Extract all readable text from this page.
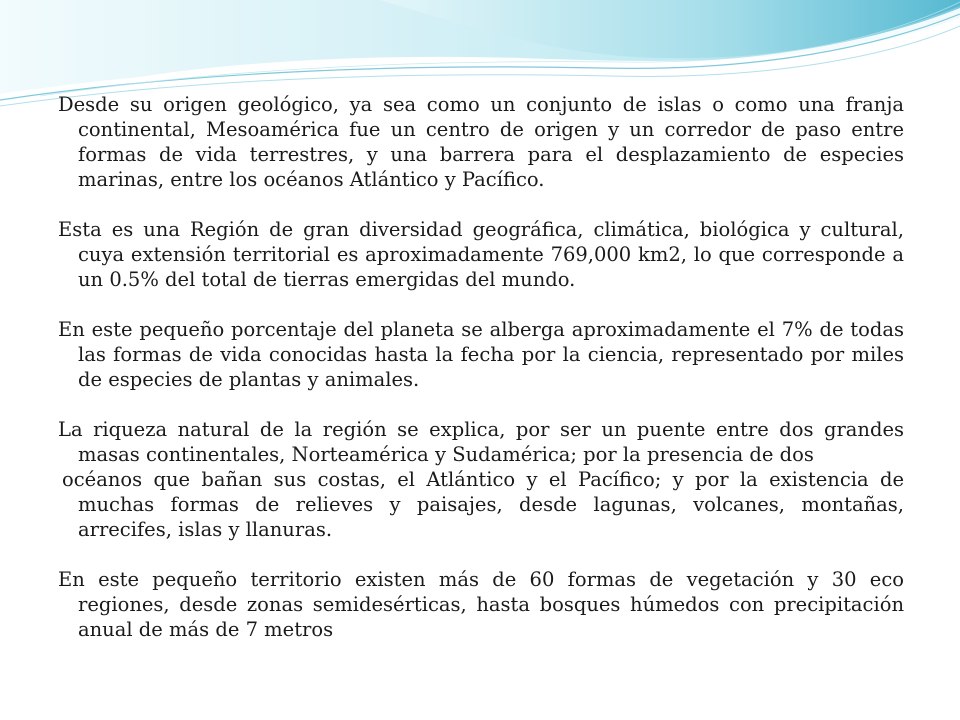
Desde su origen geológico, ya sea como un conjunto de islas o como una franja continental, Mesoamérica fue un centro de origen y un corredor de paso entre formas de vida terrestres, y una barrera para el desplazamiento de especies marinas, entre los océanos Atlántico y Pacífico.

Esta es una Región de gran diversidad geográfica, climática, biológica y cultural, cuya extensión territorial es aproximadamente 769,000 km2, lo que corresponde a un 0.5% del total de tierras emergidas del mundo.

En este pequeño porcentaje del planeta se alberga aproximadamente el 7% de todas las formas de vida conocidas hasta la fecha por la ciencia, representado por miles de especies de plantas y animales.

La riqueza natural de la región se explica, por ser un puente entre dos grandes masas continentales, Norteamérica y Sudamérica; por la presencia de dos

océanos que bañan sus costas, el Atlántico y el Pacífico; y por la existencia de muchas formas de relieves y paisajes, desde lagunas, volcanes, montañas, arrecifes, islas y llanuras.

En este pequeño territorio existen más de 60 formas de vegetación y 30 eco regiones, desde zonas semidesérticas, hasta bosques húmedos con precipitación anual de más de 7 metros
